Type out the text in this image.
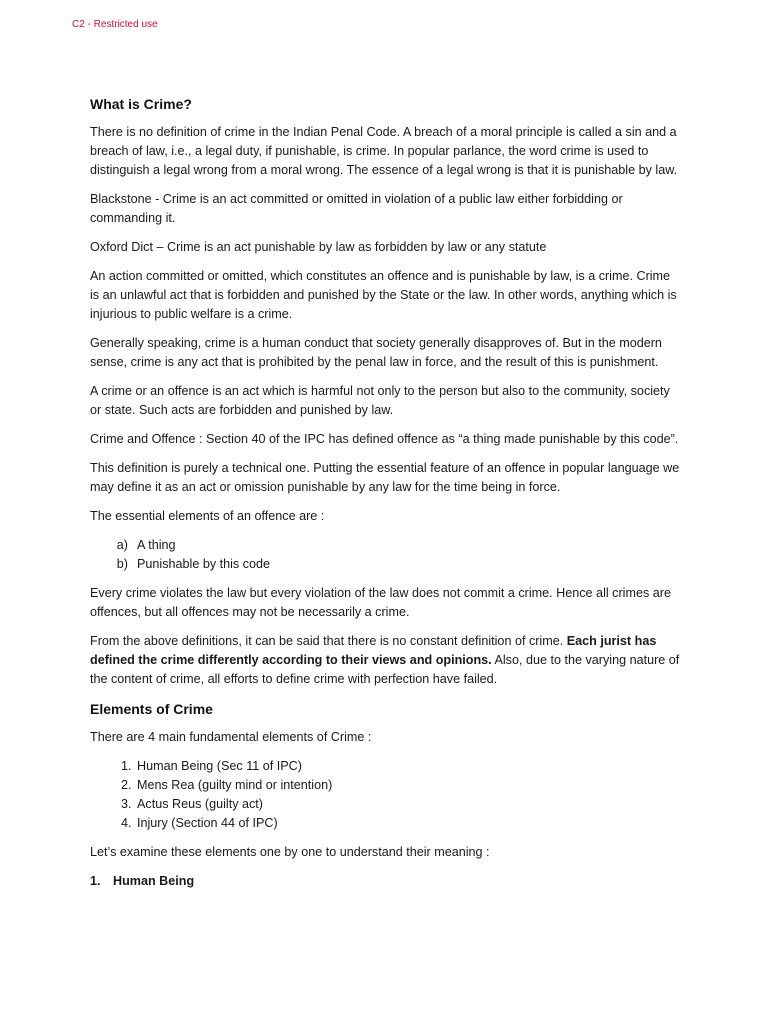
C2 - Restricted use
What is Crime?

There is no definition of crime in the Indian Penal Code. A breach of a moral principle is called a sin and a breach of law, i.e., a legal duty, if punishable, is crime. In popular parlance, the word crime is used to distinguish a legal wrong from a moral wrong. The essence of a legal wrong is that it is punishable by law.

Blackstone - Crime is an act committed or omitted in violation of a public law either forbidding or commanding it.

Oxford Dict – Crime is an act punishable by law as forbidden by law or any statute

An action committed or omitted, which constitutes an offence and is punishable by law, is a crime. Crime is an unlawful act that is forbidden and punished by the State or the law. In other words, anything which is injurious to public welfare is a crime.

Generally speaking, crime is a human conduct that society generally disapproves of. But in the modern sense, crime is any act that is prohibited by the penal law in force, and the result of this is punishment.

A crime or an offence is an act which is harmful not only to the person but also to the community, society or state. Such acts are forbidden and punished by law.

Crime and Offence : Section 40 of the IPC has defined offence as “a thing made punishable by this code”.

This definition is purely a technical one. Putting the essential feature of an offence in popular language we may define it as an act or omission punishable by any law for the time being in force.

The essential elements of an offence are :

a. A thing
b. Punishable by this code

Every crime violates the law but every violation of the law does not commit a crime. Hence all crimes are offences, but all offences may not be necessarily a crime.

From the above definitions, it can be said that there is no constant definition of crime. Each jurist has defined the crime differently according to their views and opinions. Also, due to the varying nature of the content of crime, all efforts to define crime with perfection have failed.

Elements of Crime

There are 4 main fundamental elements of Crime :

1. Human Being (Sec 11 of IPC)
2. Mens Rea (guilty mind or intention)
3. Actus Reus (guilty act)
4. Injury (Section 44 of IPC)

Let’s examine these elements one by one to understand their meaning :

1. Human Being
